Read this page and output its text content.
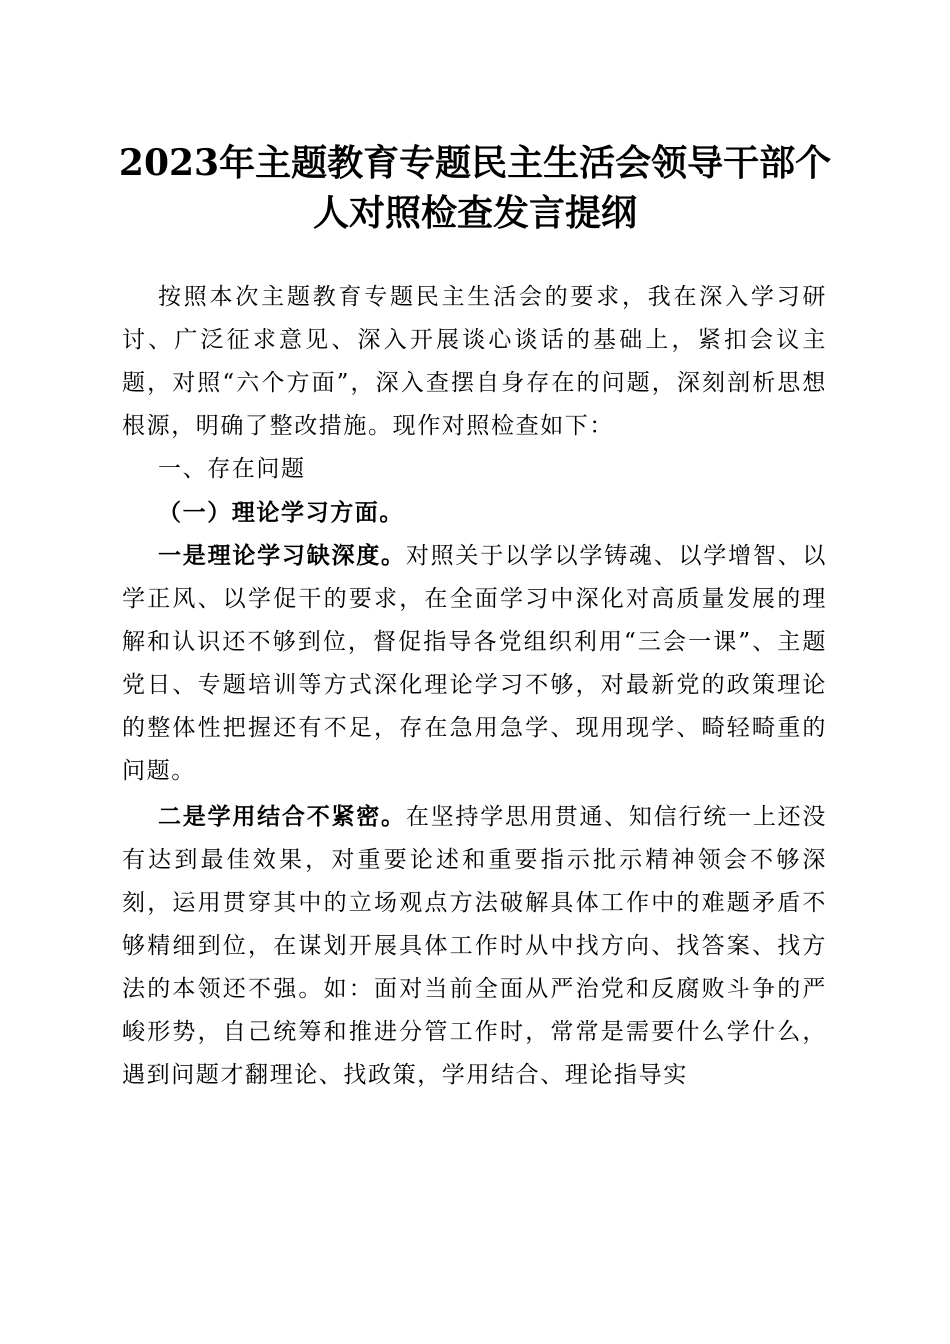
2023年主题教育专题民主生活会领导干部个
人对照检查发言提纲

按照本次主题教育专题民主生活会的要求，我在深入学习研讨、广泛征求意见、深入开展谈心谈话的基础上，紧扣会议主题，对照“六个方面”，深入查摆自身存在的问题，深刻剖析思想根源，明确了整改措施。现作对照检查如下：

一、存在问题

（一）理论学习方面。

一是理论学习缺深度。对照关于以学以学铸魂、以学增智、以学正风、以学促干的要求，在全面学习中深化对高质量发展的理解和认识还不够到位，督促指导各党组织利用“三会一课”、主题党日、专题培训等方式深化理论学习不够，对最新党的政策理论的整体性把握还有不足，存在急用急学、现用现学、畸轻畸重的问题。

二是学用结合不紧密。在坚持学思用贯通、知信行统一上还没有达到最佳效果，对重要论述和重要指示批示精神领会不够深刻，运用贯穿其中的立场观点方法破解具体工作中的难题矛盾不够精细到位，在谋划开展具体工作时从中找方向、找答案、找方法的本领还不强。如：面对当前全面从严治党和反腐败斗争的严峻形势，自己统筹和推进分管工作时，常常是需要什么学什么，遇到问题才翻理论、找政策，学用结合、理论指导实
